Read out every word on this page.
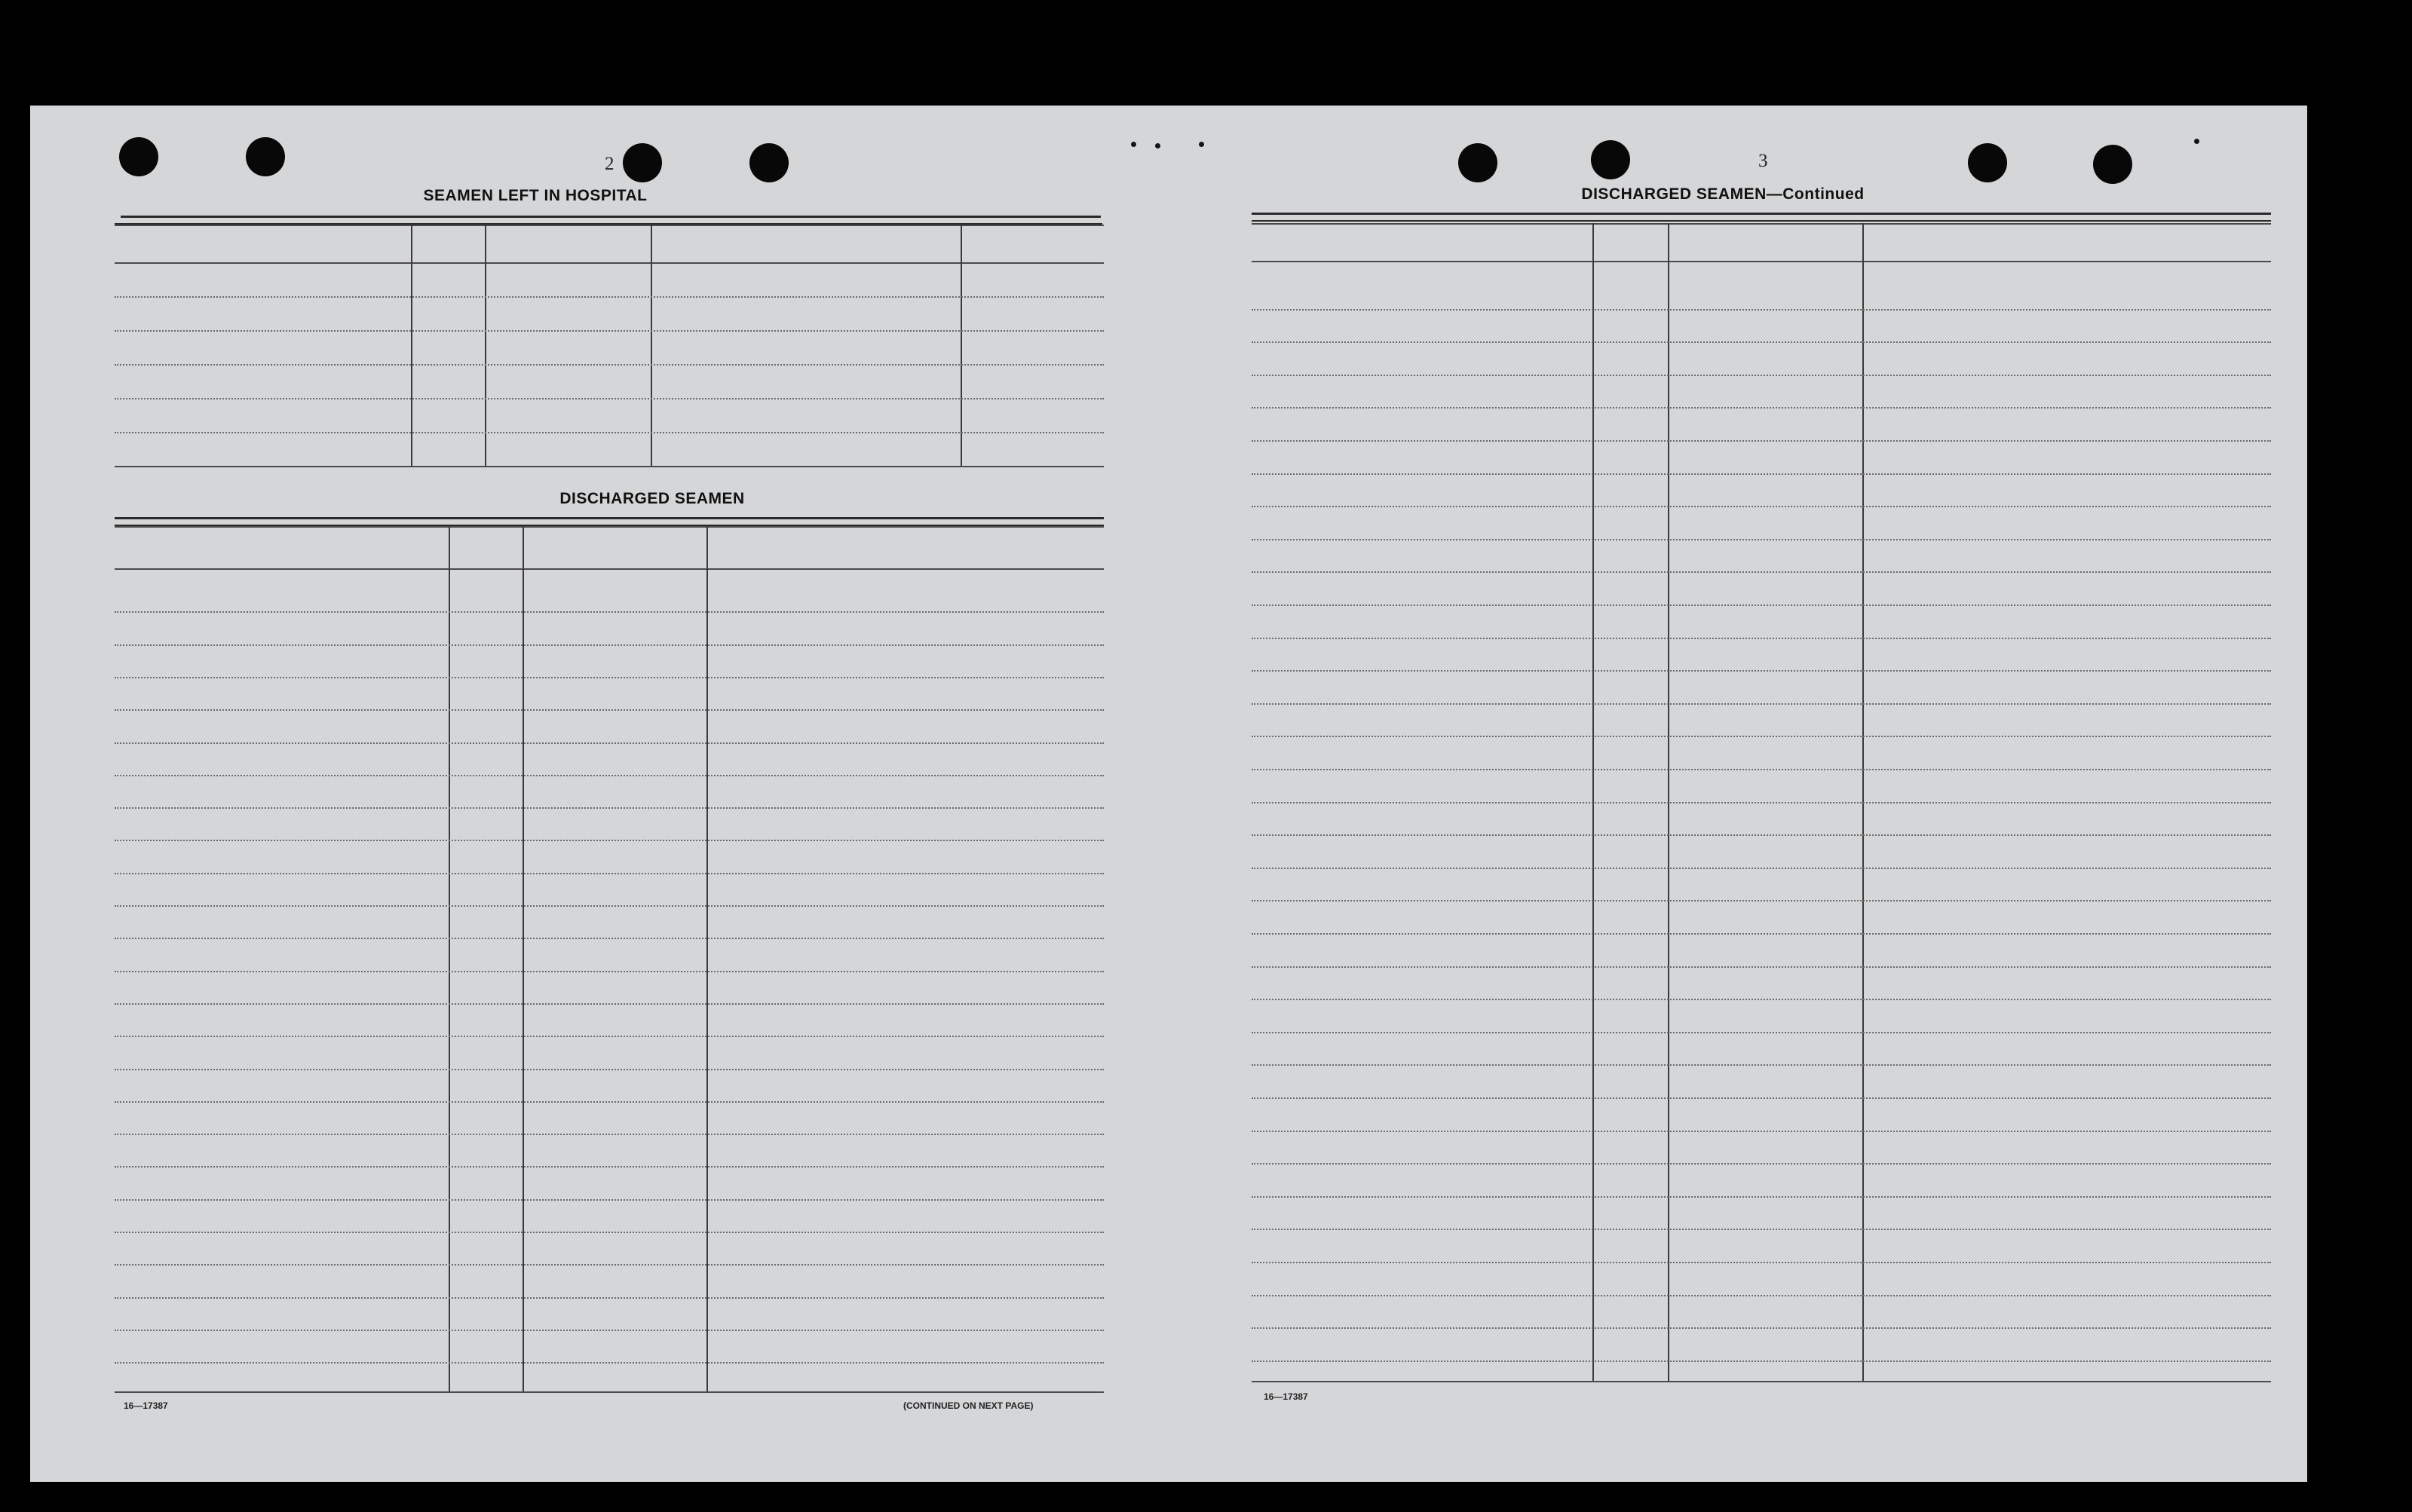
2
SEAMEN LEFT IN HOSPITAL
DISCHARGED SEAMEN
16—17387	(CONTINUED ON NEXT PAGE)
3
DISCHARGED SEAMEN—Continued
16—17387
